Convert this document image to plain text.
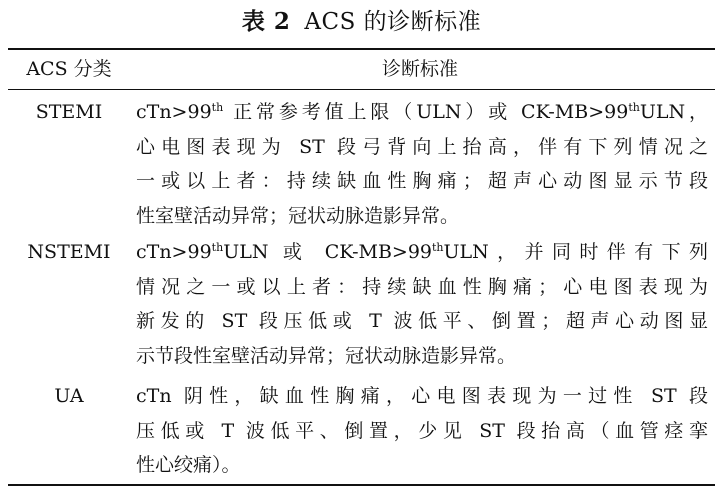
表 2 ACS 的诊断标准
ACS 分类	诊断标准
STEMI	cTn>99th 正常参考值上限（ULN）或 CK-MB>99thULN，
心电图表现为 ST 段弓背向上抬高，伴有下列情况之
一或以上者：持续缺血性胸痛；超声心动图显示节段
性室壁活动异常；冠状动脉造影异常。
NSTEMI	cTn>99thULN 或 CK-MB>99thULN，并同时伴有下列
情况之一或以上者：持续缺血性胸痛；心电图表现为
新发的 ST 段压低或 T 波低平、倒置；超声心动图显
示节段性室壁活动异常；冠状动脉造影异常。
UA	cTn 阴性，缺血性胸痛，心电图表现为一过性 ST 段
压低或 T 波低平、倒置，少见 ST 段抬高（血管痉挛
性心绞痛）。
